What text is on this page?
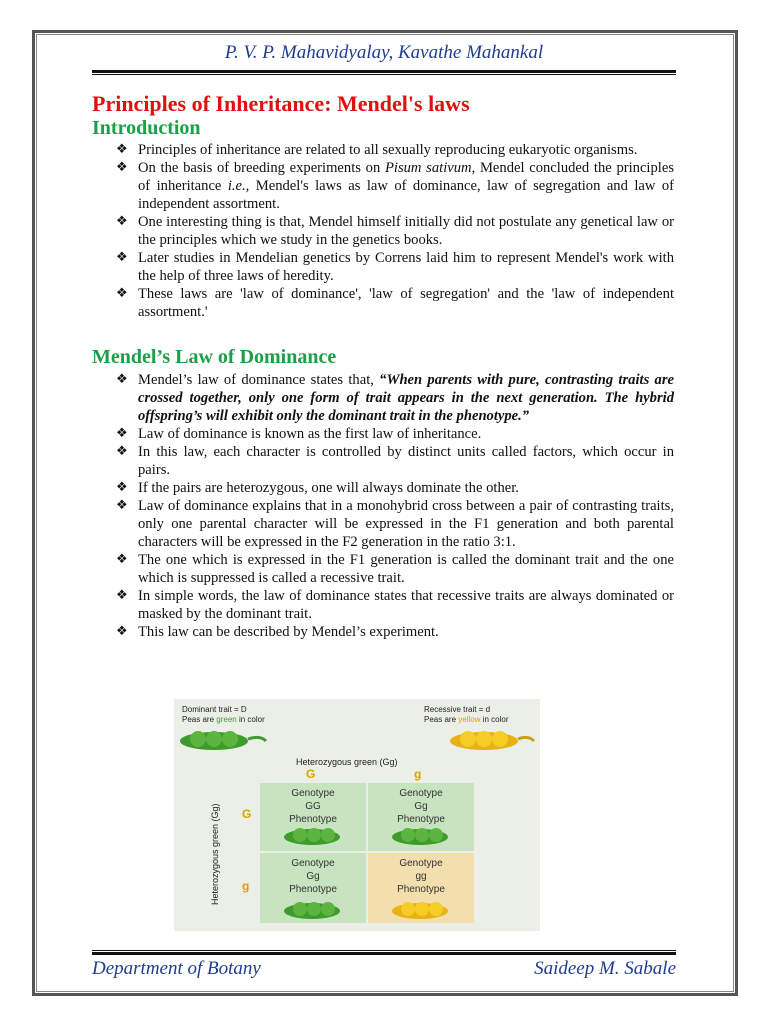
P. V. P. Mahavidyalay, Kavathe Mahankal
Principles of Inheritance: Mendel's laws
Introduction
❖ Principles of inheritance are related to all sexually reproducing eukaryotic organisms.
❖ On the basis of breeding experiments on Pisum sativum, Mendel concluded the principles of inheritance i.e., Mendel's laws as law of dominance, law of segregation and law of independent assortment.
❖ One interesting thing is that, Mendel himself initially did not postulate any genetical law or the principles which we study in the genetics books.
❖ Later studies in Mendelian genetics by Correns laid him to represent Mendel's work with the help of three laws of heredity.
❖ These laws are 'law of dominance', 'law of segregation' and the 'law of independent assortment.'
Mendel’s Law of Dominance
❖ Mendel’s law of dominance states that, “When parents with pure, contrasting traits are crossed together, only one form of trait appears in the next generation. The hybrid offspring’s will exhibit only the dominant trait in the phenotype.”
❖ Law of dominance is known as the first law of inheritance.
❖ In this law, each character is controlled by distinct units called factors, which occur in pairs.
❖ If the pairs are heterozygous, one will always dominate the other.
❖ Law of dominance explains that in a monohybrid cross between a pair of contrasting traits, only one parental character will be expressed in the F1 generation and both parental characters will be expressed in the F2 generation in the ratio 3:1.
❖ The one which is expressed in the F1 generation is called the dominant trait and the one which is suppressed is called a recessive trait.
❖ In simple words, the law of dominance states that recessive traits are always dominated or masked by the dominant trait.
❖ This law can be described by Mendel’s experiment.
Dominant trait = D
Peas are green in color
Recessive trait = d
Peas are yellow in color
Heterozygous green (Gg)
G	g
G
g
Heterozygous green (Gg)
Genotype
GG
Phenotype
Genotype
Gg
Phenotype
Genotype
Gg
Phenotype
Genotype
gg
Phenotype
Department of Botany	Saideep M. Sabale
